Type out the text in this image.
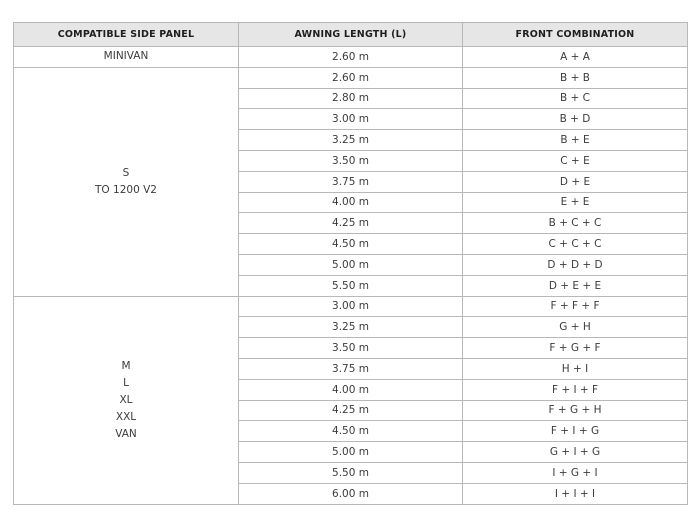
COMPATIBLE SIDE PANEL	AWNING LENGTH (L)	FRONT COMBINATION

MINIVAN	2.60 m	A + A

S
TO 1200 V2	2.60 m	B + B
	2.80 m	B + C
	3.00 m	B + D
	3.25 m	B + E
	3.50 m	C + E
	3.75 m	D + E
	4.00 m	E + E
	4.25 m	B + C + C
	4.50 m	C + C + C
	5.00 m	D + D + D
	5.50 m	D + E + E

M
L
XL
XXL
VAN	3.00 m	F + F + F
	3.25 m	G + H
	3.50 m	F + G + F
	3.75 m	H + I
	4.00 m	F + I + F
	4.25 m	F + G + H
	4.50 m	F + I + G
	5.00 m	G + I + G
	5.50 m	I + G + I
	6.00 m	I + I + I
